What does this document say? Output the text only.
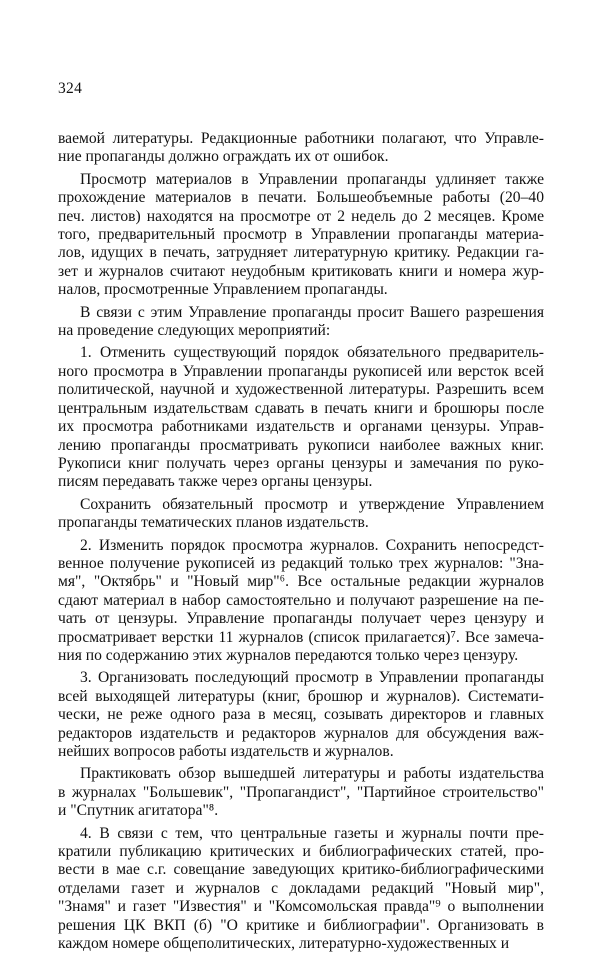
324
ваемой литературы. Редакционные работники полагают, что Управле-
ние пропаганды должно ограждать их от ошибок.
Просмотр материалов в Управлении пропаганды удлиняет также
прохождение материалов в печати. Большеобъемные работы (20–40
печ. листов) находятся на просмотре от 2 недель до 2 месяцев. Кроме
того, предварительный просмотр в Управлении пропаганды материа-
лов, идущих в печать, затрудняет литературную критику. Редакции га-
зет и журналов считают неудобным критиковать книги и номера жур-
налов, просмотренные Управлением пропаганды.
В связи с этим Управление пропаганды просит Вашего разрешения
на проведение следующих мероприятий:
1. Отменить существующий порядок обязательного предваритель-
ного просмотра в Управлении пропаганды рукописей или версток всей
политической, научной и художественной литературы. Разрешить всем
центральным издательствам сдавать в печать книги и брошюры после
их просмотра работниками издательств и органами цензуры. Управ-
лению пропаганды просматривать рукописи наиболее важных книг.
Рукописи книг получать через органы цензуры и замечания по руко-
писям передавать также через органы цензуры.
Сохранить обязательный просмотр и утверждение Управлением
пропаганды тематических планов издательств.
2. Изменить порядок просмотра журналов. Сохранить непосредст-
венное получение рукописей из редакций только трех журналов: "Зна-
мя", "Октябрь" и "Новый мир"⁶. Все остальные редакции журналов
сдают материал в набор самостоятельно и получают разрешение на пе-
чать от цензуры. Управление пропаганды получает через цензуру и
просматривает верстки 11 журналов (список прилагается)⁷. Все замеча-
ния по содержанию этих журналов передаются только через цензуру.
3. Организовать последующий просмотр в Управлении пропаганды
всей выходящей литературы (книг, брошюр и журналов). Системати-
чески, не реже одного раза в месяц, созывать директоров и главных
редакторов издательств и редакторов журналов для обсуждения важ-
нейших вопросов работы издательств и журналов.
Практиковать обзор вышедшей литературы и работы издательства
в журналах "Большевик", "Пропагандист", "Партийное строительство"
и "Спутник агитатора"⁸.
4. В связи с тем, что центральные газеты и журналы почти пре-
кратили публикацию критических и библиографических статей, про-
вести в мае с.г. совещание заведующих критико-библиографическими
отделами газет и журналов с докладами редакций "Новый мир",
"Знамя" и газет "Известия" и "Комсомольская правда"⁹ о выполнении
решения ЦК ВКП (б) "О критике и библиографии". Организовать в
каждом номере общеполитических, литературно-художественных и
